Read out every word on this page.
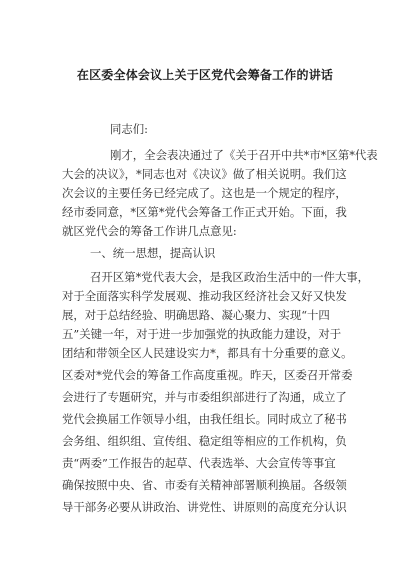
在区委全体会议上关于区党代会筹备工作的讲话
同志们:
刚才，全会表决通过了《关于召开中共*市*区第*代表
大会的决议》，*同志也对《决议》做了相关说明。我们这
次会议的主要任务已经完成了。这也是一个规定的程序，
经市委同意，*区第*党代会筹备工作正式开始。下面，我
就区党代会的筹备工作讲几点意见:
一、统一思想，提高认识
召开区第*党代表大会，是我区政治生活中的一件大事，
对于全面落实科学发展观、推动我区经济社会又好又快发
展，对于总结经验、明确思路、凝心聚力、实现“十四
五”关键一年，对于进一步加强党的执政能力建设，对于
团结和带领全区人民建设实力*，都具有十分重要的意义。
区委对*党代会的筹备工作高度重视。昨天，区委召开常委
会进行了专题研究，并与市委组织部进行了沟通，成立了
党代会换届工作领导小组，由我任组长。同时成立了秘书
会务组、组织组、宣传组、稳定组等相应的工作机构，负
责“两委”工作报告的起草、代表选举、大会宣传等事宜
确保按照中央、省、市委有关精神部署顺利换届。各级领
导干部务必要从讲政治、讲党性、讲原则的高度充分认识
